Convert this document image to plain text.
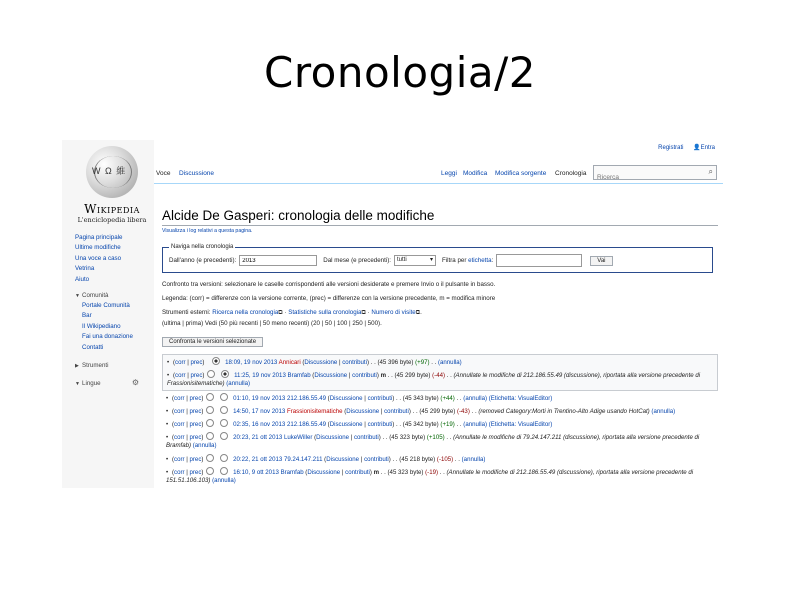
Cronologia/2
W Ω 維
Wikipedia
L'enciclopedia libera
Pagina principale
Ultime modifiche
Una voce a caso
Vetrina
Aiuto
▼ Comunità
Portale Comunità
Bar
Il Wikipediano
Fai una donazione
Contatti
▶ Strumenti
▼ Lingue	⚙
Registrati 👤Entra
Voce Discussione	Leggi Modifica Modifica sorgente Cronologia
Ricerca	⌕
Alcide De Gasperi: cronologia delle modifiche
Visualizza i log relativi a questa pagina.
Naviga nella cronologia
Dall'anno (e precedenti):
2013	Dal mese (e precedenti):	tutti ▾	Filtra per
etichetta :	Vai
Confronto tra versioni: selezionare le caselle corrispondenti alle versioni desiderate e premere Invio o il pulsante in basso.
Legenda: (corr) = differenze con la versione corrente, (prec) = differenze con la versione precedente, m = modifica minore
Strumenti esterni: Ricerca nella cronologia⧉ · Statistiche sulla cronologia⧉ · Numero di visite⧉.
(ultima | prima) Vedi (50 più recenti | 50 meno recenti) (20 | 50 | 100 | 250 | 500).
Confronta le versioni selezionate
• (corr | prec)	18:09, 19 nov 2013 Annicari (Discussione | contributi) . . (45 396 byte) (+97) . . (annulla)
• (corr | prec)	11:25, 19 nov 2013 Bramfab (Discussione | contributi) m . . (45 299 byte) (-44) . . (Annullate le modifiche di 212.186.55.49 (discussione), riportata alla versione precedente di Frassionisitematiche) (annulla)
• (corr | prec)	01:10, 19 nov 2013 212.186.55.49 (Discussione | contributi) . . (45 343 byte) (+44) . . (annulla) (Etichetta: VisualEditor)
• (corr | prec)	14:50, 17 nov 2013 Frassionisitematiche (Discussione | contributi) . . (45 299 byte) (-43) . . (removed Category:Morti in Trentino-Alto Adige usando HotCat) (annulla)
• (corr | prec)	02:35, 16 nov 2013 212.186.55.49 (Discussione | contributi) . . (45 342 byte) (+19) . . (annulla) (Etichetta: VisualEditor)
• (corr | prec)	20:23, 21 ott 2013 LukeWiller (Discussione | contributi) . . (45 323 byte) (+105) . . (Annullate le modifiche di 79.24.147.211 (discussione), riportata alla versione precedente di Bramfab) (annulla)
• (corr | prec)	20:22, 21 ott 2013 79.24.147.211 (Discussione | contributi) . . (45 218 byte) (-105) . . (annulla)
• (corr | prec)	16:10, 9 ott 2013 Bramfab (Discussione | contributi) m . . (45 323 byte) (-19) . . (Annullate le modifiche di 212.186.55.49 (discussione), riportata alla versione precedente di 151.51.106.103) (annulla)
